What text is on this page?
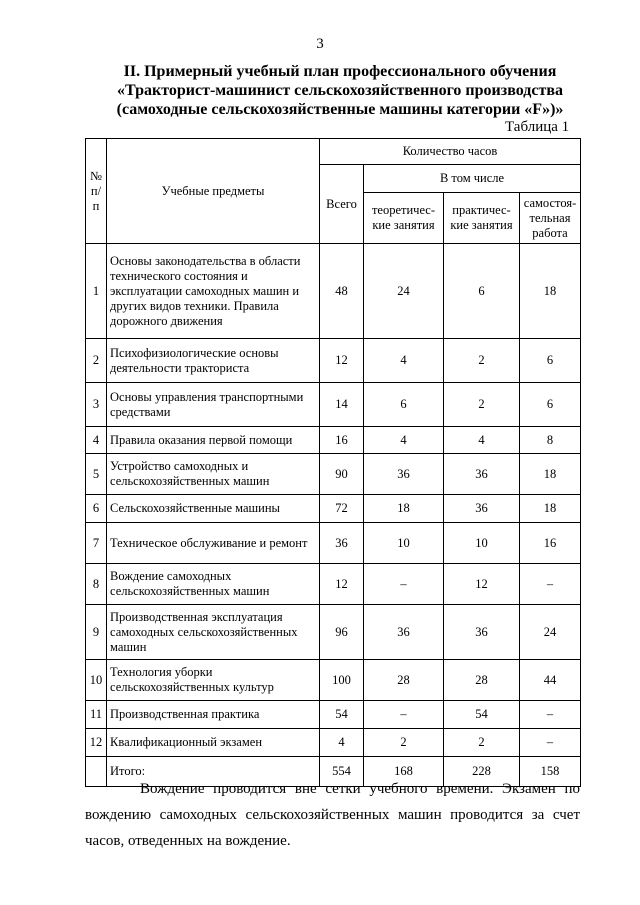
3
II. Примерный учебный план профессионального обучения
«Тракторист-машинист сельскохозяйственного производства
(самоходные сельскохозяйственные машины категории «F»)»
Таблица 1
№ п/ п	Учебные предметы	Количество часов			
		Всего	В том числе		
			теоретичес-кие занятия	практичес-кие занятия	самостоя-тельная работа
1	Основы законодательства в области технического состояния и эксплуатации самоходных машин и других видов техники. Правила дорожного движения	48	24	6	18
2	Психофизиологические основы деятельности тракториста	12	4	2	6
3	Основы управления транспортными средствами	14	6	2	6
4	Правила оказания первой помощи	16	4	4	8
5	Устройство самоходных и сельскохозяйственных машин	90	36	36	18
6	Сельскохозяйственные машины	72	18	36	18
7	Техническое обслуживание и ремонт	36	10	10	16
8	Вождение самоходных сельскохозяйственных машин	12	–	12	–
9	Производственная эксплуатация самоходных сельскохозяйственных машин	96	36	36	24
10	Технология уборки сельскохозяйственных культур	100	28	28	44
11	Производственная практика	54	–	54	–
12	Квалификационный экзамен	4	2	2	–
	Итого:	554	168	228	158
Вождение проводится вне сетки учебного времени. Экзамен по вождению самоходных сельскохозяйственных машин проводится за счет часов, отведенных на вождение.
